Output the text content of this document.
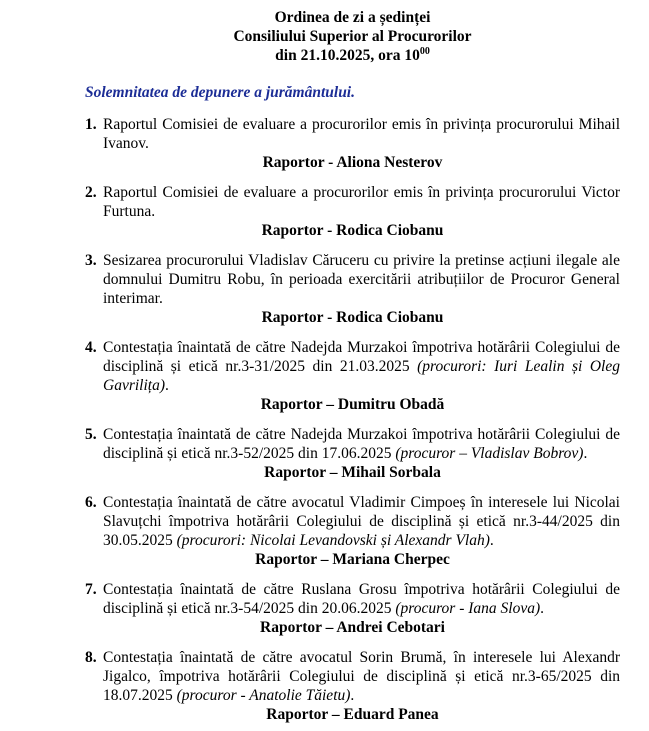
Ordinea de zi a ședinței
Consiliului Superior al Procurorilor
din 21.10.2025, ora $10^{00}$

Solemnitatea de depunere a jurământului.

1. Raportul Comisiei de evaluare a procurorilor emis în privința procurorului Mihail Ivanov.

Raportor - Aliona Nesterov

2. Raportul Comisiei de evaluare a procurorilor emis în privința procurorului Victor Furtuna.

Raportor - Rodica Ciobanu

3. Sesizarea procurorului Vladislav Căruceru cu privire la pretinse acțiuni ilegale ale domnului Dumitru Robu, în perioada exercitării atribuțiilor de Procuror General interimar.

Raportor - Rodica Ciobanu

4. Contestația înaintată de către Nadejda Murzakoi împotriva hotărârii Colegiului de disciplină și etică nr.3-31/2025 din 21.03.2025 (procurori: Iuri Lealin și Oleg Gavrilița).

Raportor – Dumitru Obadă

5. Contestația înaintată de către Nadejda Murzakoi împotriva hotărârii Colegiului de disciplină și etică nr.3-52/2025 din 17.06.2025 (procuror – Vladislav Bobrov).

Raportor – Mihail Sorbala

6. Contestația înaintată de către avocatul Vladimir Cimpoeș în interesele lui Nicolai Slavuțchi împotriva hotărârii Colegiului de disciplină și etică nr.3-44/2025 din 30.05.2025 (procurori: Nicolai Levandovski și Alexandr Vlah).

Raportor – Mariana Cherpec

7. Contestația înaintată de către Ruslana Grosu împotriva hotărârii Colegiului de disciplină și etică nr.3-54/2025 din 20.06.2025 (procuror - Iana Slova).

Raportor – Andrei Cebotari

8. Contestația înaintată de către avocatul Sorin Brumă, în interesele lui Alexandr Jigalco, împotriva hotărârii Colegiului de disciplină și etică nr.3-65/2025 din 18.07.2025 (procuror - Anatolie Tăietu).

Raportor – Eduard Panea
